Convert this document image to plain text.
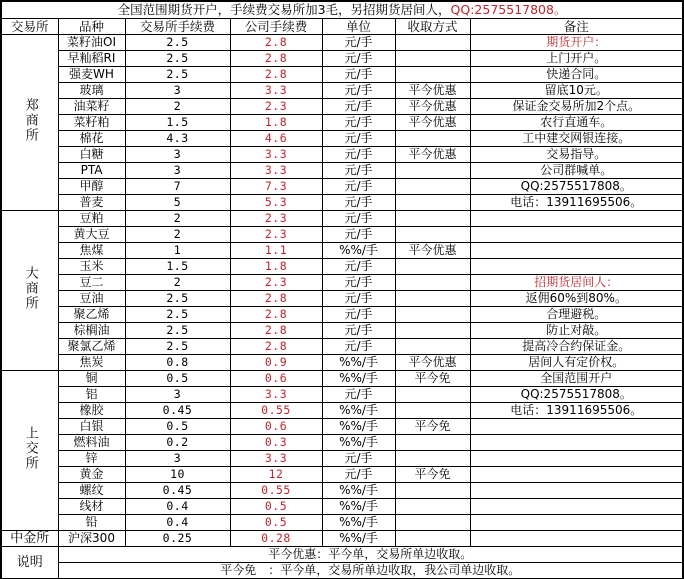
全国范围期货开户，手续费交易所加3毛，另招期货居间人，QQ:2575517808。						
交易所	品种	交易所手续费	公司手续费	单位	收取方式	备注
郑商所	菜籽油OI	2.5	2.8	元/手		期货开户：
	早籼稻RI	2.5	2.8	元/手		上门开户。
	强麦WH	2.5	2.8	元/手		快递合同。
	玻璃	3	3.3	元/手	平今优惠	留底10元。
	油菜籽	2	2.3	元/手	平今优惠	保证金交易所加2个点。
	菜籽粕	1.5	1.8	元/手	平今优惠	农行直通车。
	棉花	4.3	4.6	元/手		工中建交网银连接。
	白糖	3	3.3	元/手	平今优惠	交易指导。
	PTA	3	3.3	元/手		公司群喊单。
	甲醇	7	7.3	元/手		QQ:2575517808。
	普麦	5	5.3	元/手		电话：13911695506。
大商所	豆粕	2	2.3	元/手		
	黄大豆	2	2.3	元/手		
	焦煤	1	1.1	%%/手	平今优惠	
	玉米	1.5	1.8	元/手		
	豆二	2	2.3	元/手		招期货居间人：
	豆油	2.5	2.8	元/手		返佣60%到80%。
	聚乙烯	2.5	2.8	元/手		合理避税。
	棕榈油	2.5	2.8	元/手		防止对敲。
	聚氯乙烯	2.5	2.8	元/手		提高冷合约保证金。
	焦炭	0.8	0.9	%%/手	平今优惠	居间人有定价权。
上交所	铜	0.5	0.6	%%/手	平今免	全国范围开户
	铝	3	3.3	元/手		QQ:2575517808。
	橡胶	0.45	0.55	%%/手		电话：13911695506。
	白银	0.5	0.6	%%/手	平今免	
	燃料油	0.2	0.3	%%/手		
	锌	3	3.3	元/手		
	黄金	10	12	元/手	平今免	
	螺纹	0.45	0.55	%%/手		
	线材	0.4	0.5	%%/手		
	铅	0.4	0.5	%%/手		
中金所	沪深300	0.25	0.28	%%/手		
说明	平今优惠：平今单，交易所单边收取。					
	平今免　：平今单，交易所单边收取，我公司单边收取。					
